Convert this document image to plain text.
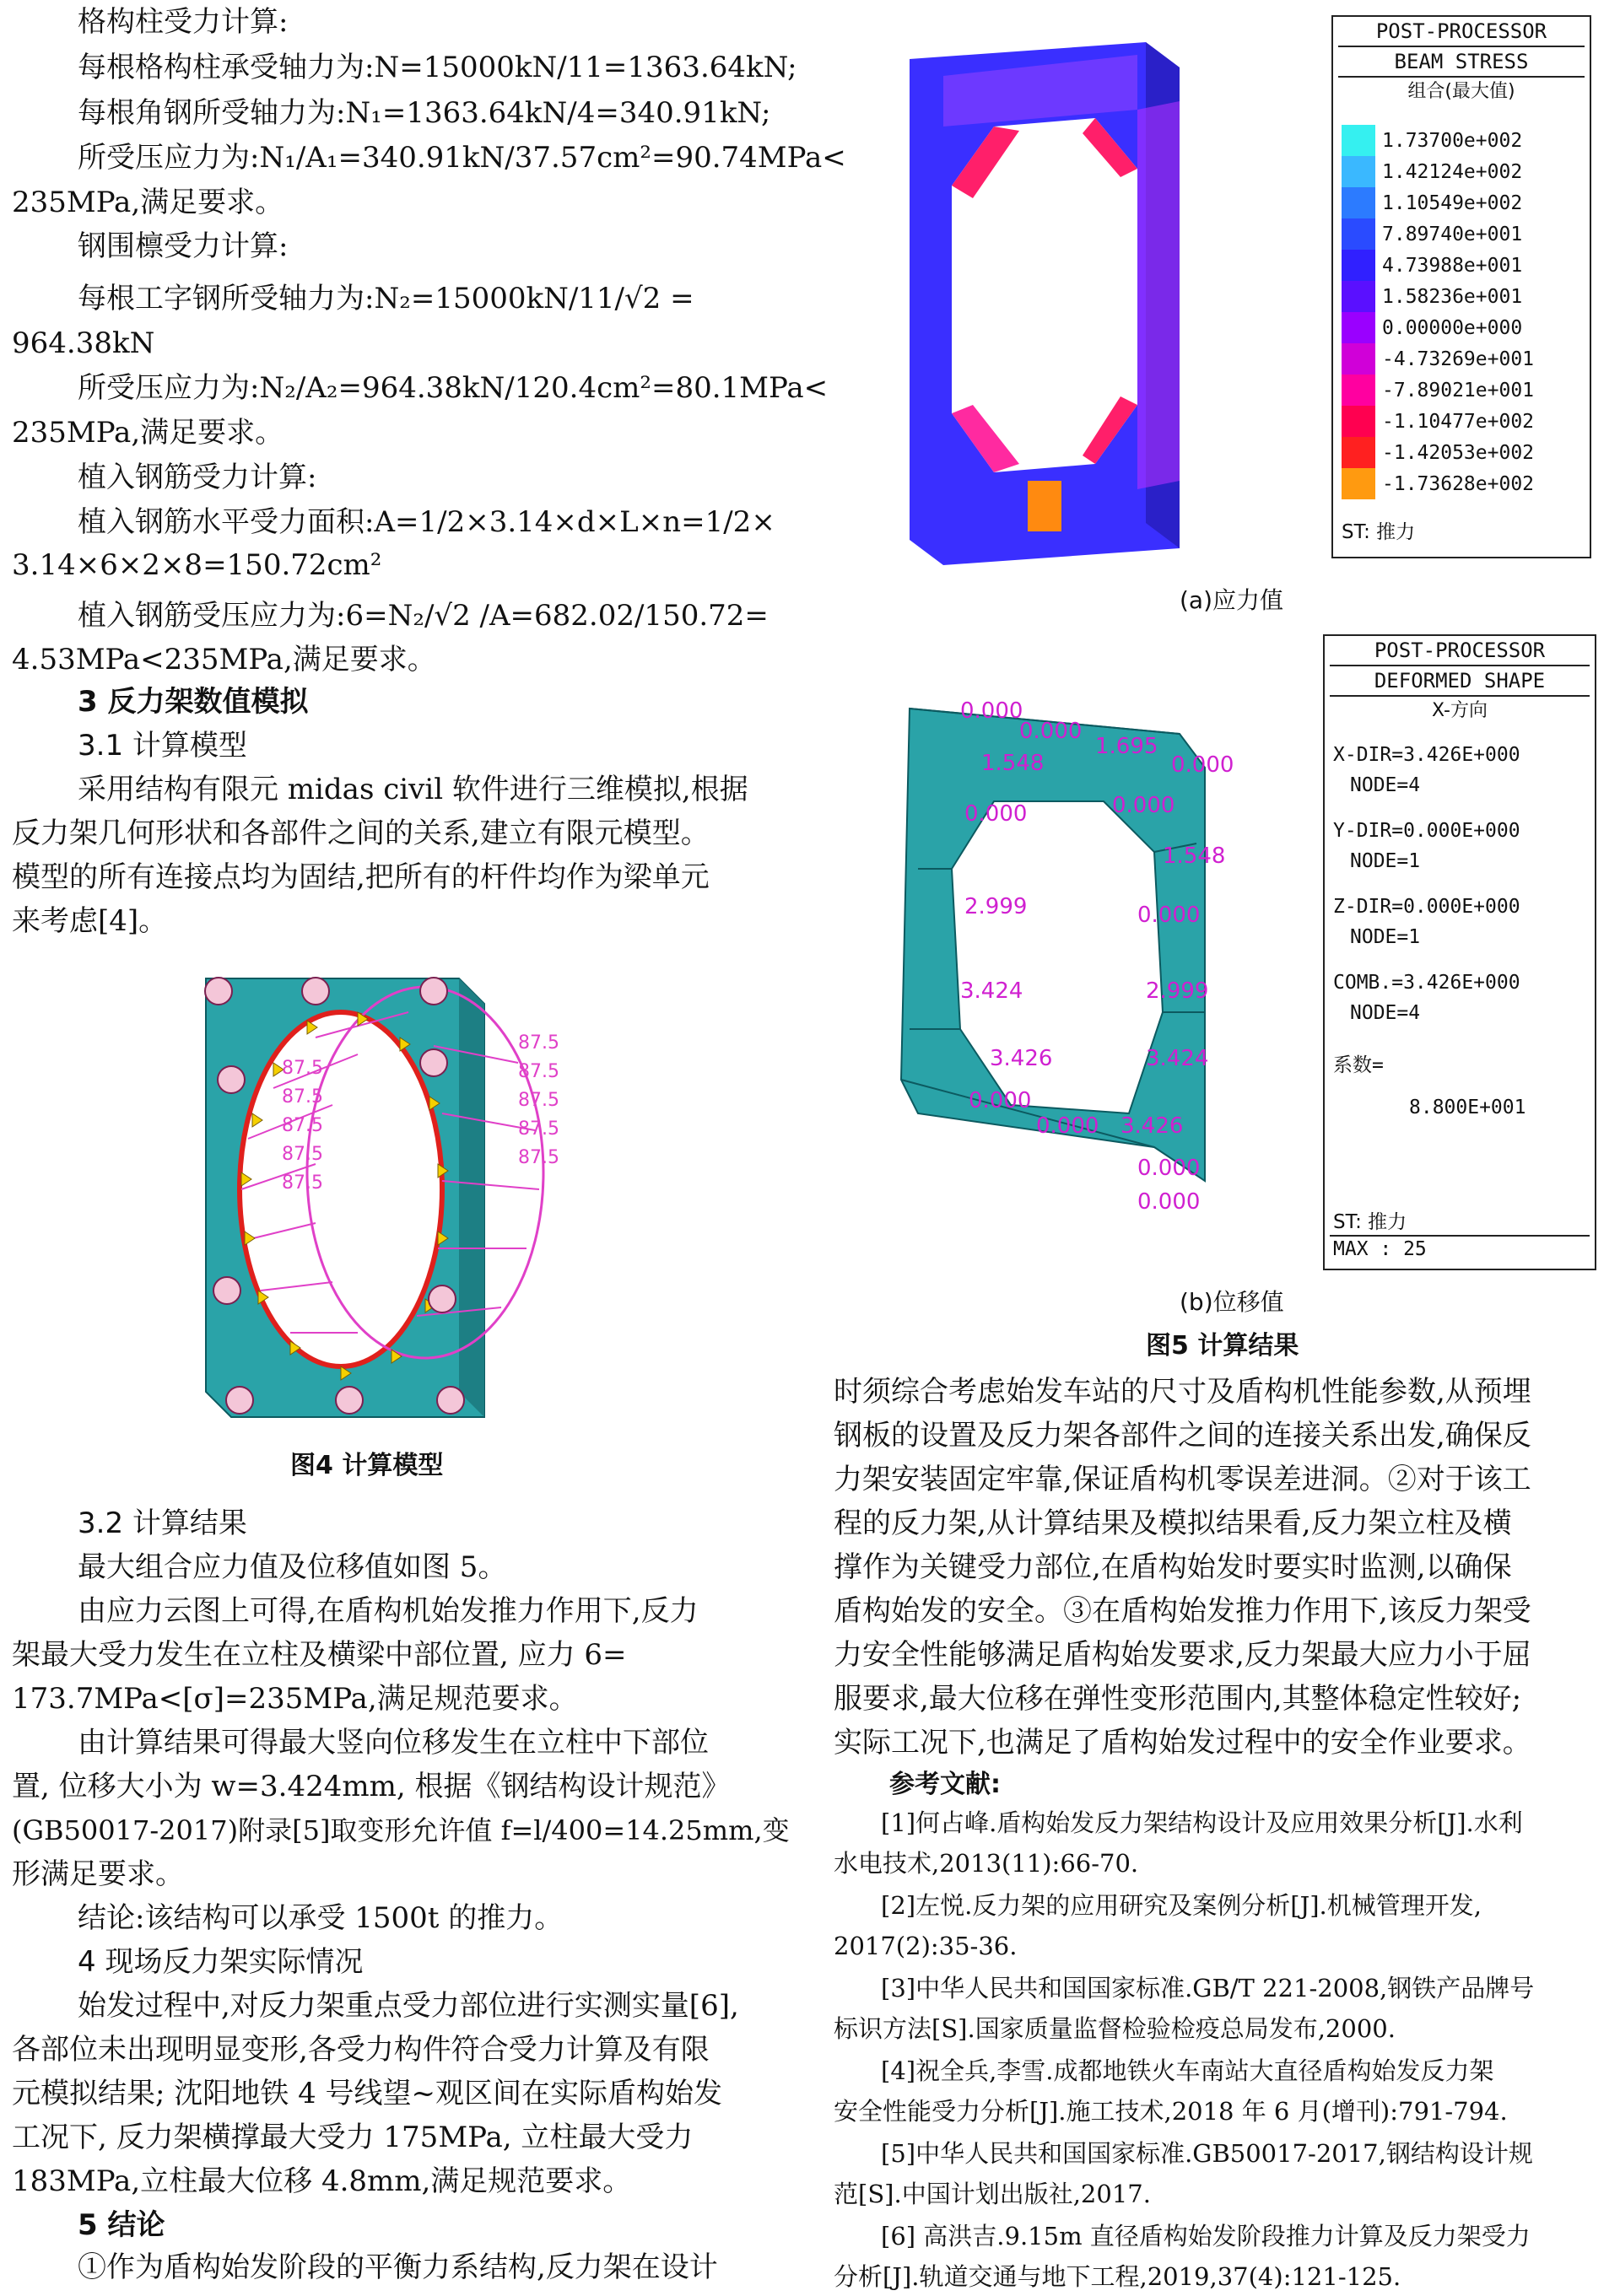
格构柱受力计算:
每根格构柱承受轴力为:N=15000kN/11=1363.64kN;
每根角钢所受轴力为:N₁=1363.64kN/4=340.91kN;
所受压应力为:N₁/A₁=340.91kN/37.57cm²=90.74MPa<
235MPa,满足要求。
钢围檩受力计算:
每根工字钢所受轴力为:N₂=15000kN/11/√2 =
964.38kN
所受压应力为:N₂/A₂=964.38kN/120.4cm²=80.1MPa<
235MPa,满足要求。
植入钢筋受力计算:
植入钢筋水平受力面积:A=1/2×3.14×d×L×n=1/2×
3.14×6×2×8=150.72cm²
植入钢筋受压应力为:6=N₂/√2 /A=682.02/150.72=
4.53MPa<235MPa,满足要求。
3 反力架数值模拟
3.1 计算模型
采用结构有限元 midas civil 软件进行三维模拟,根据
反力架几何形状和各部件之间的关系,建立有限元模型。
模型的所有连接点均为固结,把所有的杆件均作为梁单元
来考虑[4]。
87.5
87.5
87.5
87.5
87.5
87.5
87.5
87.5
87.5
87.5
图4 计算模型
3.2 计算结果
最大组合应力值及位移值如图 5。
由应力云图上可得,在盾构机始发推力作用下,反力
架最大受力发生在立柱及横梁中部位置, 应力 6=
173.7MPa<[σ]=235MPa,满足规范要求。
由计算结果可得最大竖向位移发生在立柱中下部位
置, 位移大小为 w=3.424mm, 根据《钢结构设计规范》
(GB50017-2017)附录[5]取变形允许值 f=l/400=14.25mm,变
形满足要求。
结论:该结构可以承受 1500t 的推力。
4 现场反力架实际情况
始发过程中,对反力架重点受力部位进行实测实量[6],
各部位未出现明显变形,各受力构件符合受力计算及有限
元模拟结果; 沈阳地铁 4 号线望~观区间在实际盾构始发
工况下, 反力架横撑最大受力 175MPa, 立柱最大受力
183MPa,立柱最大位移 4.8mm,满足规范要求。
5 结论
①作为盾构始发阶段的平衡力系结构,反力架在设计
POST-PROCESSOR
BEAM STRESS
组合(最大值)
1.73700e+002
1.42124e+002
1.10549e+002
7.89740e+001
4.73988e+001
1.58236e+001
0.00000e+000
-4.73269e+001
-7.89021e+001
-1.10477e+002
-1.42053e+002
-1.73628e+002
ST: 推力
(a)应力值
0.000
0.000
1.695
1.548	0.000
0.000	0.000
1.548
2.999	0.000
3.424	2.999
3.426	3.424
0.000
0.000 3.426
0.000
0.000
POST-PROCESSOR
DEFORMED SHAPE
X-方向
X-DIR=3.426E+000
NODE=4
Y-DIR=0.000E+000
NODE=1
Z-DIR=0.000E+000
NODE=1
COMB.=3.426E+000
NODE=4
系数=
8.800E+001
ST: 推力
MAX : 25
(b)位移值
图5 计算结果
时须综合考虑始发车站的尺寸及盾构机性能参数,从预埋
钢板的设置及反力架各部件之间的连接关系出发,确保反
力架安装固定牢靠,保证盾构机零误差进洞。②对于该工
程的反力架,从计算结果及模拟结果看,反力架立柱及横
撑作为关键受力部位,在盾构始发时要实时监测,以确保
盾构始发的安全。③在盾构始发推力作用下,该反力架受
力安全性能够满足盾构始发要求,反力架最大应力小于屈
服要求,最大位移在弹性变形范围内,其整体稳定性较好;
实际工况下,也满足了盾构始发过程中的安全作业要求。
参考文献:
[1]何占峰.盾构始发反力架结构设计及应用效果分析[J].水利
水电技术,2013(11):66-70.
[2]左悦.反力架的应用研究及案例分析[J].机械管理开发,
2017(2):35-36.
[3]中华人民共和国国家标准.GB/T 221-2008,钢铁产品牌号
标识方法[S].国家质量监督检验检疫总局发布,2000.
[4]祝全兵,李雪.成都地铁火车南站大直径盾构始发反力架
安全性能受力分析[J].施工技术,2018 年 6 月(增刊):791-794.
[5]中华人民共和国国家标准.GB50017-2017,钢结构设计规
范[S].中国计划出版社,2017.
[6] 高洪吉.9.15m 直径盾构始发阶段推力计算及反力架受力
分析[J].轨道交通与地下工程,2019,37(4):121-125.
